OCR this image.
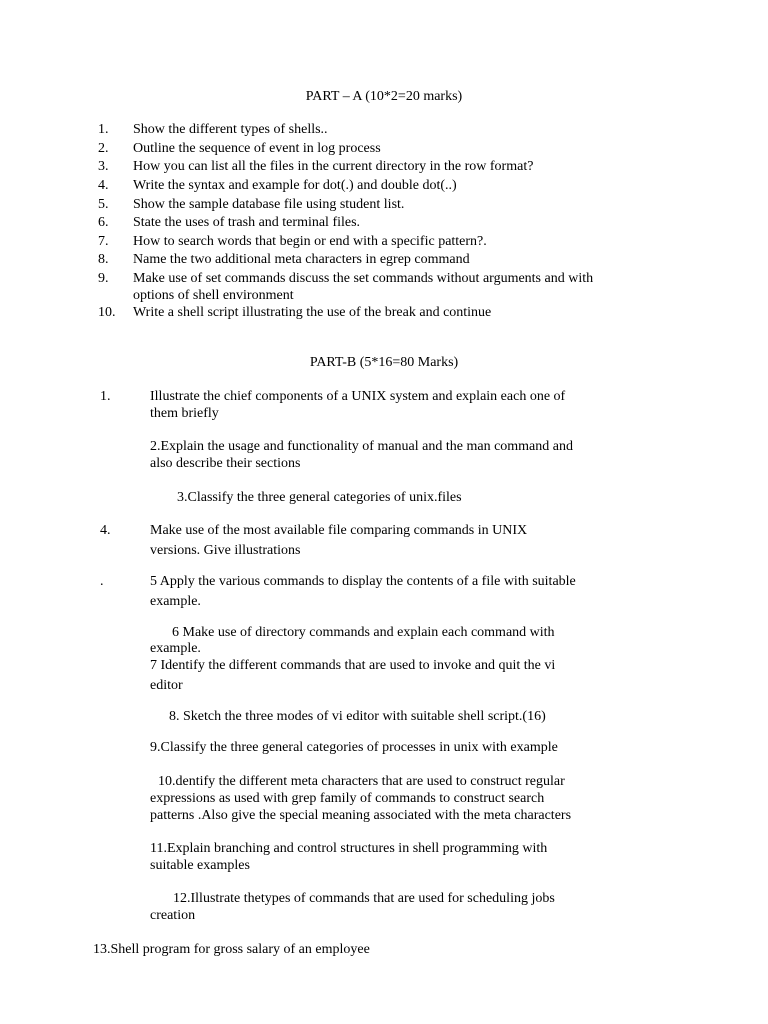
PART – A (10*2=20 marks)
1. Show the different types of shells..
2. Outline the sequence of event in log process
3. How you can list all the files in the current directory in the row format?
4. Write the syntax and example for dot(.) and double dot(..)
5. Show the sample database file using student list.
6. State the uses of trash and terminal files.
7. How to search words that begin or end with a specific pattern?.
8. Name the two additional meta characters in egrep command
9. Make use of set commands discuss the set commands without arguments and with
options of shell environment
10. Write a shell script illustrating the use of the break and continue
PART-B (5*16=80 Marks)
1.	Illustrate the chief components of a UNIX system and explain each one of
them briefly
2.Explain the usage and functionality of manual and the man command and
also describe their sections
3.Classify the three general categories of unix.files
4.	Make use of the most available file comparing commands in UNIX
versions. Give illustrations
.	5 Apply the various commands to display the contents of a file with suitable
example.
6 Make use of directory commands and explain each command with
example.
7 Identify the different commands that are used to invoke and quit the vi
editor
8. Sketch the three modes of vi editor with suitable shell script.(16)
9.Classify the three general categories of processes in unix with example
10.dentify the different meta characters that are used to construct regular
expressions as used with grep family of commands to construct search
patterns .Also give the special meaning associated with the meta characters
11.Explain branching and control structures in shell programming with
suitable examples
12.Illustrate thetypes of commands that are used for scheduling jobs
creation
13.Shell program for gross salary of an employee
